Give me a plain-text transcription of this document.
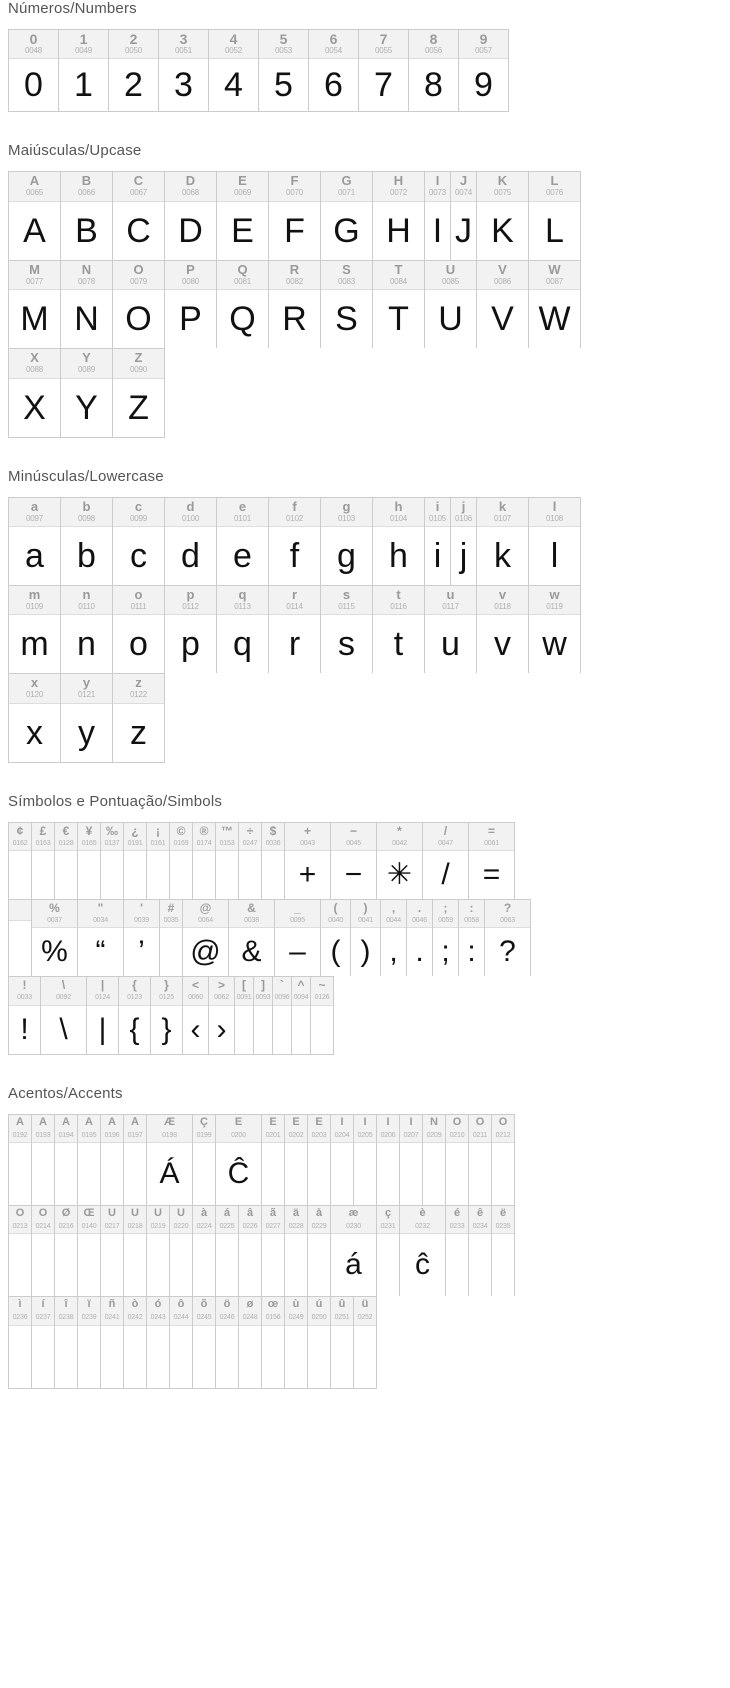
Números/Numbers
0
0048
0
1
0049
1
2
0050
2
3
0051
3
4
0052
4
5
0053
5
6
0054
6
7
0055
7
8
0056
8
9
0057
9
Maiúsculas/Upcase
A
0065
A
B
0066
B
C
0067
C
D
0068
D
E
0069
E
F
0070
F
G
0071
G
H
0072
H
I
0073
I
J
0074
J
K
0075
K
L
0076
L
M
0077
M
N
0078
N
O
0079
O
P
0080
P
Q
0081
Q
R
0082
R
S
0083
S
T
0084
T
U
0085
U
V
0086
V
W
0087
W
X
0088
X
Y
0089
Y
Z
0090
Z
Minúsculas/Lowercase
a
0097
a
b
0098
b
c
0099
c
d
0100
d
e
0101
e
f
0102
f
g
0103
g
h
0104
h
i
0105
i
j
0106
j
k
0107
k
l
0108
l
m
0109
m
n
0110
n
o
0111
o
p
0112
p
q
0113
q
r
0114
r
s
0115
s
t
0116
t
u
0117
u
v
0118
v
w
0119
w
x
0120
x
y
0121
y
z
0122
z
Símbolos e Pontuação/Simbols
¢
0162
£
0163
€
0128
¥
0165
‰
0137
¿
0191
¡
0161
©
0169
®
0174
™
0153
÷
0247
$
0036
+
0043
+
−
0045
−
*
0042
✳
/
0047
/
=
0061
=
%
0037
%
"
0034
“
'
0039
’
#
0035
@
0064
@
&
0038
&
_
0095
–
(
0040
(
)
0041
)
,
0044
,
.
0046
.
;
0059
;
:
0058
:
?
0063
?
!
0033
!
\
0092
\
|
0124
|
{
0123
{
}
0125
}
<
0060
‹
>
0062
›
[
0091
]
0093
`
0096
^
0094
~
0126
Acentos/Accents
À
0192
Á
0193
Â
0194
Ã
0195
Ä
0196
Å
0197
Æ
0198
Á
Ç
0199
È
0200
Ĉ
É
0201
Ê
0202
Ë
0203
Ì
0204
Í
0205
Î
0206
Ï
0207
Ñ
0209
Ò
0210
Ó
0211
Ô
0212
Õ
0213
Ö
0214
Ø
0216
Œ
0140
Ù
0217
Ú
0218
Û
0219
Ü
0220
à
0224
á
0225
â
0226
ã
0227
ä
0228
å
0229
æ
0230
á
ç
0231
è
0232
ĉ
é
0233
ê
0234
ë
0235
ì
0236
í
0237
î
0238
ï
0239
ñ
0241
ò
0242
ó
0243
ô
0244
õ
0245
ö
0246
ø
0248
œ
0156
ù
0249
ú
0250
û
0251
ü
0252
